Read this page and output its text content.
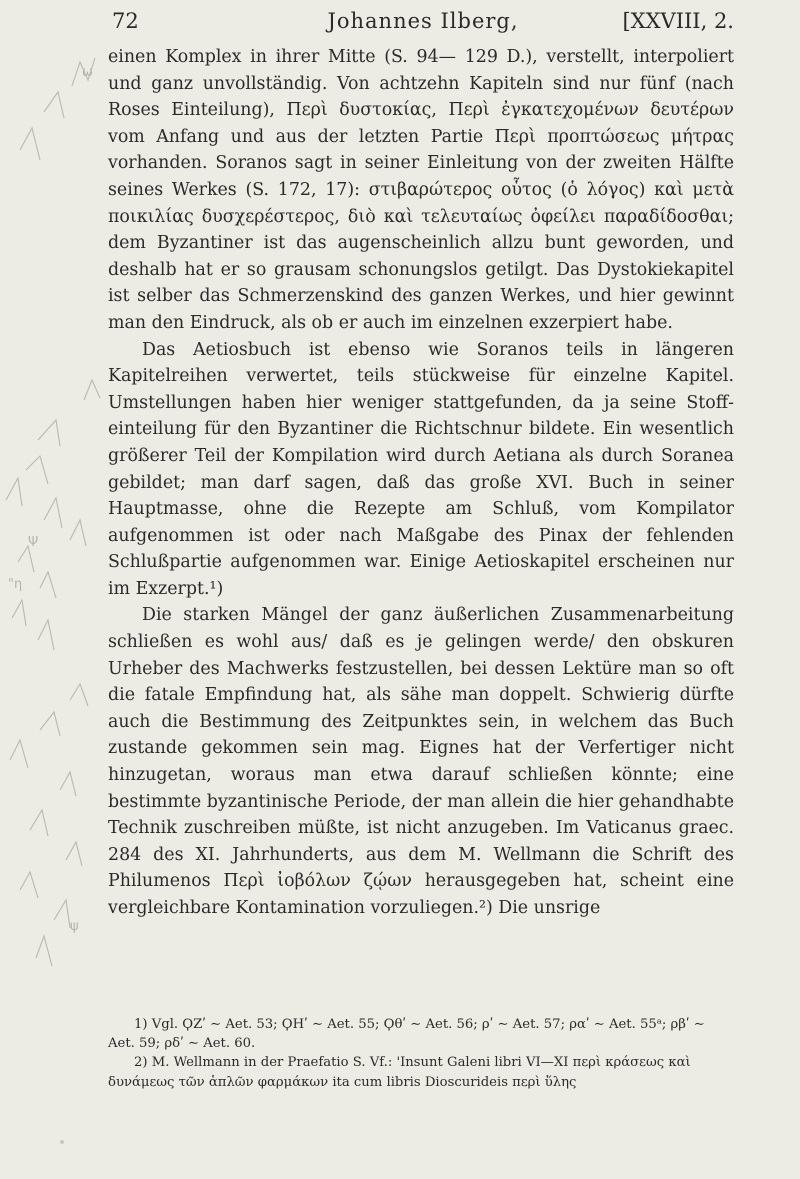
72	Johannes Ilberg,	[XXVIII, 2.

einen Komplex in ihrer Mitte (S. 94— 129 D.), verstellt, interpoliert und ganz unvollständig. Von achtzehn Kapiteln sind nur fünf (nach Roses Einteilung), Περὶ δυστοκίας, Περὶ ἐγκατεχομένων δευτέρων vom Anfang und aus der letzten Partie Περὶ προπτώσεως μήτρας vorhanden. Soranos sagt in seiner Einleitung von der zweiten Hälfte seines Werkes (S. 172, 17): στιβαρώτερος οὗτος (ὁ λόγος) καὶ μετὰ ποικιλίας δυσχερέστερος, διὸ καὶ τελευταίως ὀφείλει παραδίδοσθαι; dem Byzantiner ist das augenscheinlich allzu bunt geworden, und deshalb hat er so grausam schonungslos getilgt. Das Dystokiekapitel ist selber das Schmerzenskind des ganzen Werkes, und hier gewinnt man den Eindruck, als ob er auch im einzelnen exzerpiert habe.

Das Aetiosbuch ist ebenso wie Soranos teils in längeren Kapitelreihen verwertet, teils stückweise für einzelne Kapitel. Umstellungen haben hier weniger stattgefunden, da ja seine Stoffeinteilung für den Byzantiner die Richtschnur bildete. Ein wesentlich größerer Teil der Kompilation wird durch Aetiana als durch Soranea gebildet; man darf sagen, daß das große XVI. Buch in seiner Hauptmasse, ohne die Rezepte am Schluß, vom Kompilator aufgenommen ist oder nach Maßgabe des Pinax der fehlenden Schlußpartie aufgenommen war. Einige Aetioskapitel erscheinen nur im Exzerpt.¹)

Die starken Mängel der ganz äußerlichen Zusammenarbeitung schließen es wohl aus/ daß es je gelingen werde/ den obskuren Urheber des Machwerks festzustellen, bei dessen Lektüre man so oft die fatale Empfindung hat, als sähe man doppelt. Schwierig dürfte auch die Bestimmung des Zeitpunktes sein, in welchem das Buch zustande gekommen sein mag. Eignes hat der Verfertiger nicht hinzugetan, woraus man etwa darauf schließen könnte; eine bestimmte byzantinische Periode, der man allein die hier gehandhabte Technik zuschreiben müßte, ist nicht anzugeben. Im Vaticanus graec. 284 des XI. Jahrhunderts, aus dem M. Wellmann die Schrift des Philumenos Περὶ ἰοβόλων ζῴων herausgegeben hat, scheint eine vergleichbare Kontamination vorzuliegen.²) Die unsrige

1) Vgl. ϘΖʹ ∼ Aet. 53; ϘΗʹ ∼ Aet. 55; Ϙθʹ ∼ Aet. 56; ρʹ ∼ Aet. 57; ραʹ ∼ Aet. 55ᵃ; ρβʹ ∼ Aet. 59; ρδʹ ∼ Aet. 60.

2) M. Wellmann in der Praefatio S. Vf.: 'Insunt Galeni libri VI—XI περὶ κράσεως καὶ δυνάμεως τῶν ἁπλῶν φαρμάκων ita cum libris Dioscurideis περὶ ὕλης

ω
Ψ
"η
ψ
